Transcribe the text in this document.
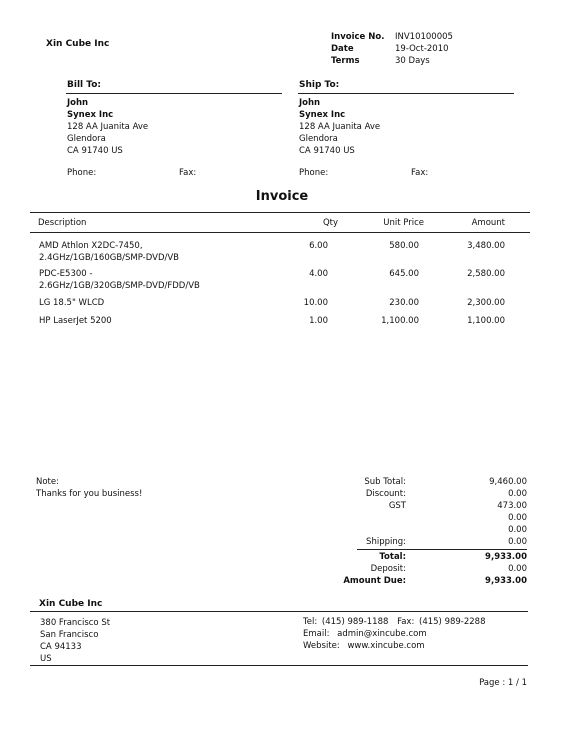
Xin Cube Inc
Invoice No. INV10100005
Date	19-Oct-2010
Terms	30 Days
Bill To:
John
Synex Inc
128 AA Juanita Ave
Glendora
CA 91740 US
Phone:	Fax:
Ship To:
John
Synex Inc
128 AA Juanita Ave
Glendora
CA 91740 US
Phone:	Fax:
Invoice
Description	Qty	Unit Price	Amount
AMD Athlon X2DC-7450,
2.4GHz/1GB/160GB/SMP-DVD/VB
6.00	580.00	3,480.00
PDC-E5300 -
2.6GHz/1GB/320GB/SMP-DVD/FDD/VB
4.00	645.00	2,580.00
LG 18.5" WLCD	10.00	230.00	2,300.00
HP LaserJet 5200	1.00	1,100.00	1,100.00
Note:
Thanks for you business!
Sub Total:	9,460.00
Discount:	0.00
GST	473.00
0.00
0.00
Shipping:	0.00
Total:	9,933.00
Deposit:	0.00
Amount Due:	9,933.00
Xin Cube Inc
380 Francisco St
San Francisco
CA 94133
US
Tel: (415) 989-1188 Fax: (415) 989-2288
Email: admin@xincube.com
Website: www.xincube.com
Page : 1 / 1
